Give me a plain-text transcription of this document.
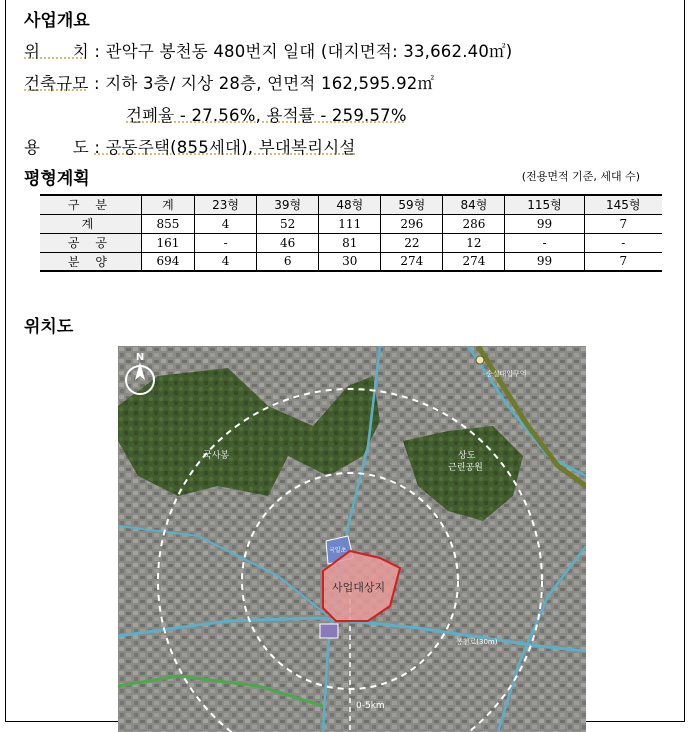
사업개요
위      치 : 관악구 봉천동 480번지 일대 (대지면적: 33,662.40㎡)
건축규모 : 지하 3층/ 지상 28층, 연면적 162,595.92㎡
건폐율 - 27.56%, 용적률 - 259.57%
용      도 : 공동주택(855세대), 부대복리시설
평형계획	(전용면적 기준, 세대 수)
구 분	계	23형	39형	48형	59형	84형	115형	145형
계	855	4	52	111	296	286	99	7
공 공	161	-	46	81	22	12	-	-
분 양	694	4	6	30	274	274	99	7
위치도
N
국사봉	상도
근린공원
사업대상지
국일초
숭실대입구역
0-5km
봉천로(30m)
